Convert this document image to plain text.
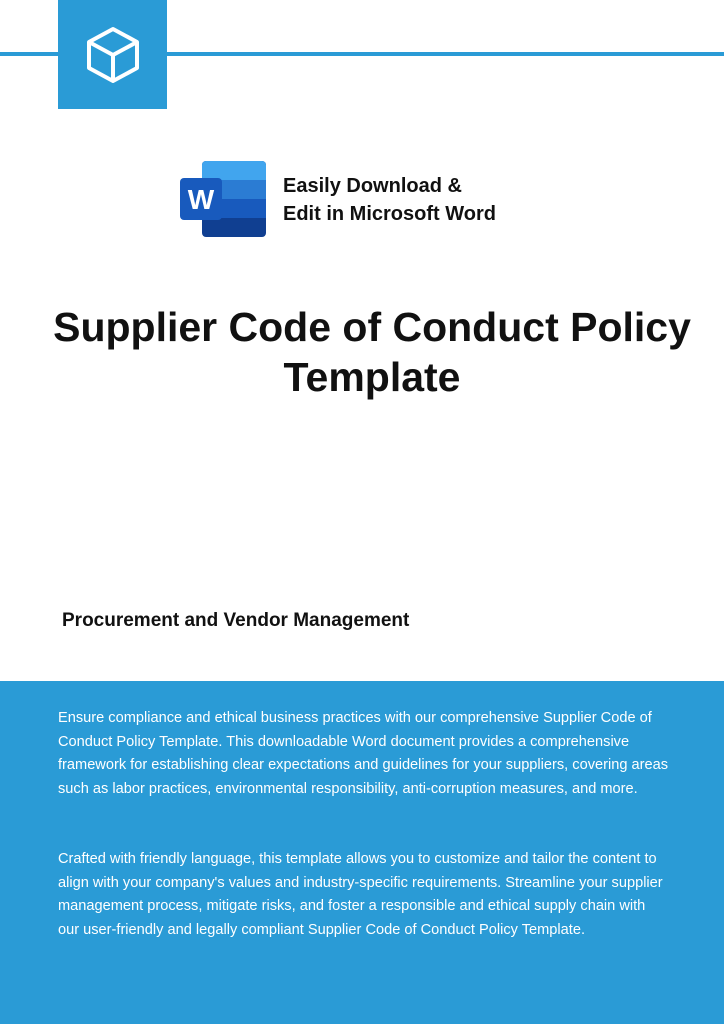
W	Easily Download &
Edit in Microsoft Word
Supplier Code of Conduct Policy
Template
Procurement and Vendor Management

Ensure compliance and ethical business practices with our comprehensive Supplier Code of Conduct Policy Template. This downloadable Word document provides a comprehensive framework for establishing clear expectations and guidelines for your suppliers, covering areas such as labor practices, environmental responsibility, anti-corruption measures, and more.

Crafted with friendly language, this template allows you to customize and tailor the content to align with your company's values and industry-specific requirements. Streamline your supplier management process, mitigate risks, and foster a responsible and ethical supply chain with our user-friendly and legally compliant Supplier Code of Conduct Policy Template.
